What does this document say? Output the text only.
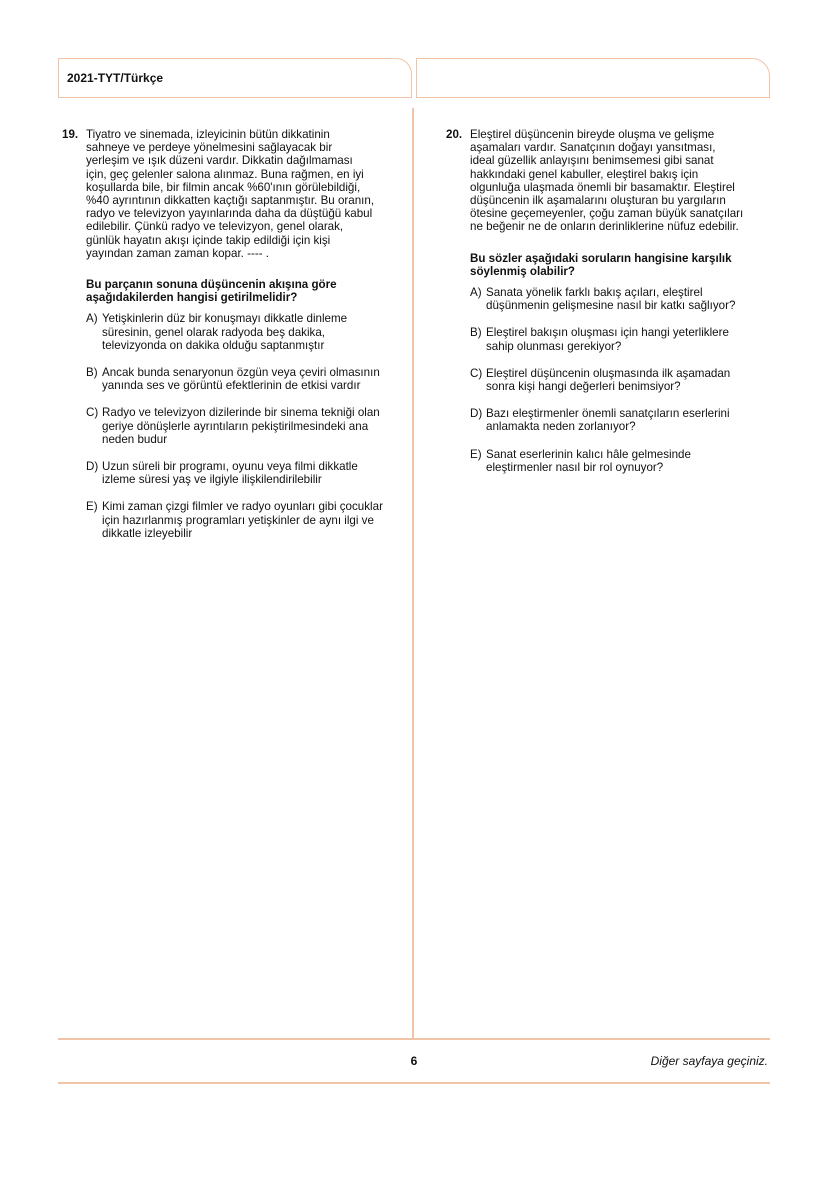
2021-TYT/Türkçe
19. Tiyatro ve sinemada, izleyicinin bütün dikkatinin
sahneye ve perdeye yönelmesini sağlayacak bir
yerleşim ve ışık düzeni vardır. Dikkatin dağılmaması
için, geç gelenler salona alınmaz. Buna rağmen, en iyi
koşullarda bile, bir filmin ancak %60'ının görülebildiği,
%40 ayrıntının dikkatten kaçtığı saptanmıştır. Bu oranın,
radyo ve televizyon yayınlarında daha da düştüğü kabul
edilebilir. Çünkü radyo ve televizyon, genel olarak,
günlük hayatın akışı içinde takip edildiği için kişi
yayından zaman zaman kopar. ---- .

Bu parçanın sonuna düşüncenin akışına göre
aşağıdakilerden hangisi getirilmelidir?

A) Yetişkinlerin düz bir konuşmayı dikkatle dinleme
süresinin, genel olarak radyoda beş dakika,
televizyonda on dakika olduğu saptanmıştır
B) Ancak bunda senaryonun özgün veya çeviri olmasının
yanında ses ve görüntü efektlerinin de etkisi vardır
C) Radyo ve televizyon dizilerinde bir sinema tekniği olan
geriye dönüşlerle ayrıntıların pekiştirilmesindeki ana
neden budur
D) Uzun süreli bir programı, oyunu veya filmi dikkatle
izleme süresi yaş ve ilgiyle ilişkilendirilebilir
E) Kimi zaman çizgi filmler ve radyo oyunları gibi çocuklar
için hazırlanmış programları yetişkinler de aynı ilgi ve
dikkatle izleyebilir
20. Eleştirel düşüncenin bireyde oluşma ve gelişme
aşamaları vardır. Sanatçının doğayı yansıtması,
ideal güzellik anlayışını benimsemesi gibi sanat
hakkındaki genel kabuller, eleştirel bakış için
olgunluğa ulaşmada önemli bir basamaktır. Eleştirel
düşüncenin ilk aşamalarını oluşturan bu yargıların
ötesine geçemeyenler, çoğu zaman büyük sanatçıları
ne beğenir ne de onların derinliklerine nüfuz edebilir.

Bu sözler aşağıdaki soruların hangisine karşılık
söylenmiş olabilir?

A) Sanata yönelik farklı bakış açıları, eleştirel
düşünmenin gelişmesine nasıl bir katkı sağlıyor?
B) Eleştirel bakışın oluşması için hangi yeterliklere
sahip olunması gerekiyor?
C) Eleştirel düşüncenin oluşmasında ilk aşamadan
sonra kişi hangi değerleri benimsiyor?
D) Bazı eleştirmenler önemli sanatçıların eserlerini
anlamakta neden zorlanıyor?
E) Sanat eserlerinin kalıcı hâle gelmesinde
eleştirmenler nasıl bir rol oynuyor?
6	Diğer sayfaya geçiniz.
